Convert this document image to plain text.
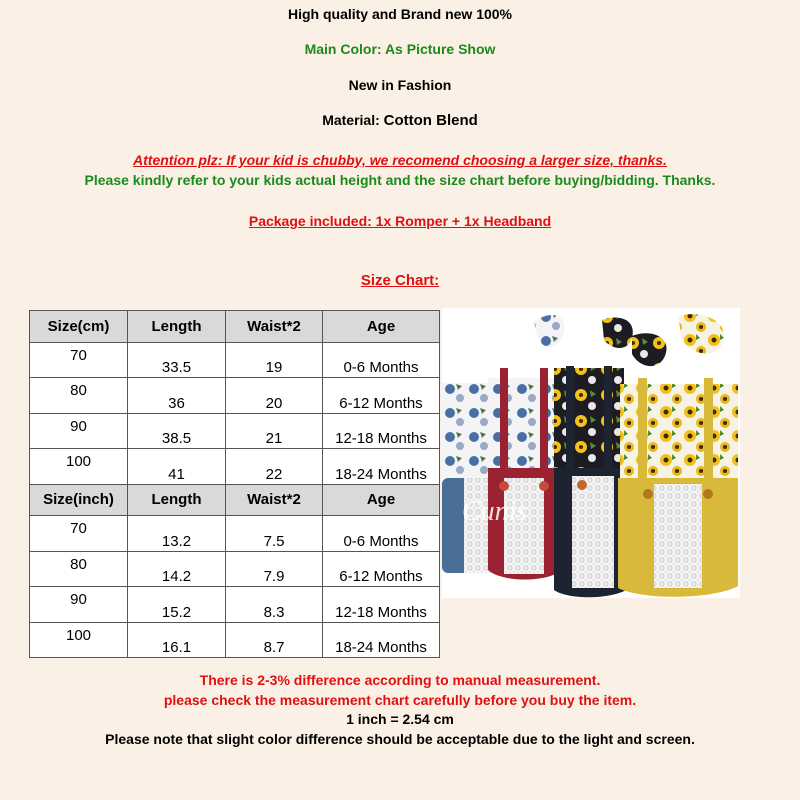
High quality and Brand new 100%
Main Color: As Picture Show
New in Fashion
Material: Cotton Blend
Attention plz: If your kid is chubby, we recomend choosing a larger size, thanks.
Please kindly refer to your kids actual height and the size chart before buying/bidding. Thanks.
Package included: 1x Romper + 1x Headband
Size Chart:
Size(cm)	Length	Waist*2	Age
70	33.5	19	0-6 Months
80	36	20	6-12 Months
90	38.5	21	12-18 Months
100	41	22	18-24 Months
Size(inch)	Length	Waist*2	Age
70	13.2	7.5	0-6 Months
80	14.2	7.9	6-12 Months
90	15.2	8.3	12-18 Months
100	16.1	8.7	18-24 Months
Cunis
There is 2-3% difference according to manual measurement.
please check the measurement chart carefully before you buy the item.
1 inch = 2.54 cm
Please note that slight color difference should be acceptable due to the light and screen.
